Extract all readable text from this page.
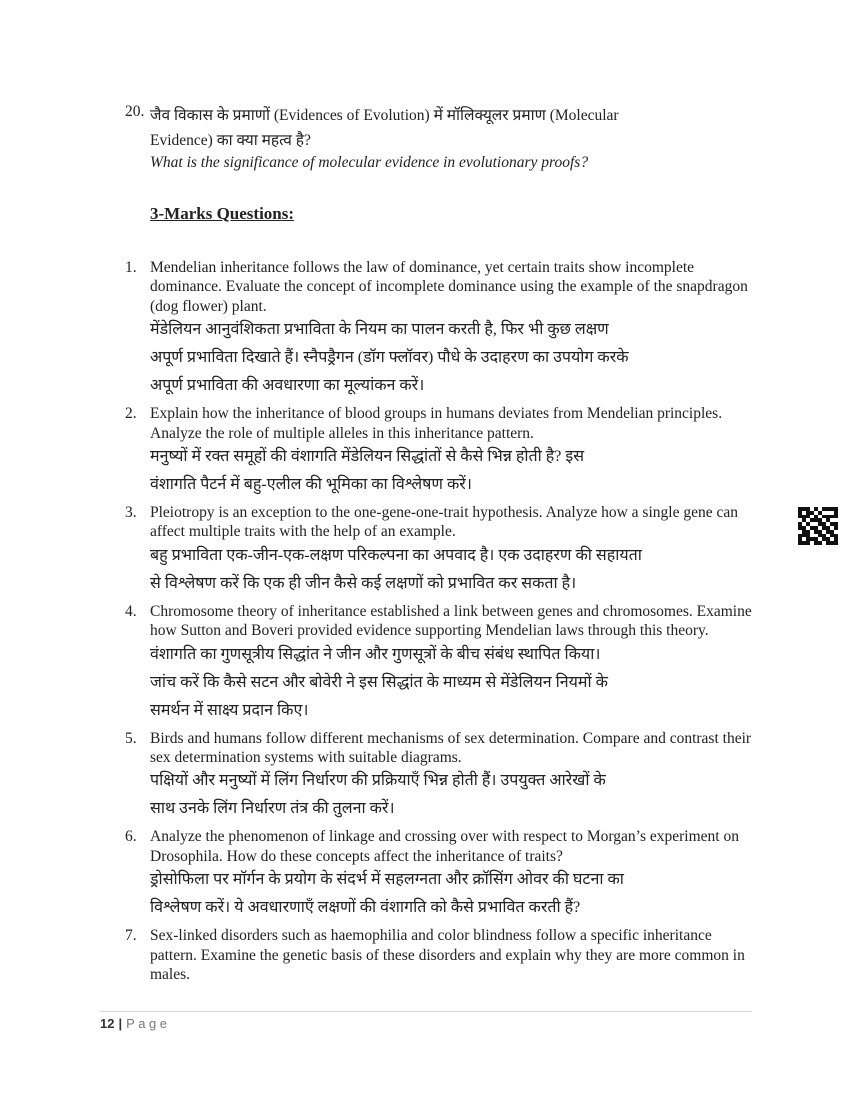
20. जैव विकास के प्रमाणों (Evidences of Evolution) में मॉलिक्यूलर प्रमाण (Molecular
Evidence) का क्या महत्व है?
What is the significance of molecular evidence in evolutionary proofs?
3-Marks Questions:
1. Mendelian inheritance follows the law of dominance, yet certain traits show incomplete dominance. Evaluate the concept of incomplete dominance using the example of the snapdragon (dog flower) plant.
मेंडेलियन आनुवंशिकता प्रभाविता के नियम का पालन करती है, फिर भी कुछ लक्षण
अपूर्ण प्रभाविता दिखाते हैं। स्नैपड्रैगन (डॉग फ्लॉवर) पौधे के उदाहरण का उपयोग करके
अपूर्ण प्रभाविता की अवधारणा का मूल्यांकन करें।
2. Explain how the inheritance of blood groups in humans deviates from Mendelian principles. Analyze the role of multiple alleles in this inheritance pattern.
मनुष्यों में रक्त समूहों की वंशागति मेंडेलियन सिद्धांतों से कैसे भिन्न होती है? इस
वंशागति पैटर्न में बहु-एलील की भूमिका का विश्लेषण करें।
3. Pleiotropy is an exception to the one-gene-one-trait hypothesis. Analyze how a single gene can affect multiple traits with the help of an example.
बहु प्रभाविता एक-जीन-एक-लक्षण परिकल्पना का अपवाद है। एक उदाहरण की सहायता
से विश्लेषण करें कि एक ही जीन कैसे कई लक्षणों को प्रभावित कर सकता है।
4. Chromosome theory of inheritance established a link between genes and chromosomes. Examine how Sutton and Boveri provided evidence supporting Mendelian laws through this theory.
वंशागति का गुणसूत्रीय सिद्धांत ने जीन और गुणसूत्रों के बीच संबंध स्थापित किया।
जांच करें कि कैसे सटन और बोवेरी ने इस सिद्धांत के माध्यम से मेंडेलियन नियमों के
समर्थन में साक्ष्य प्रदान किए।
5. Birds and humans follow different mechanisms of sex determination. Compare and contrast their sex determination systems with suitable diagrams.
पक्षियों और मनुष्यों में लिंग निर्धारण की प्रक्रियाएँ भिन्न होती हैं। उपयुक्त आरेखों के
साथ उनके लिंग निर्धारण तंत्र की तुलना करें।
6. Analyze the phenomenon of linkage and crossing over with respect to Morgan’s experiment on Drosophila. How do these concepts affect the inheritance of traits?
ड्रोसोफिला पर मॉर्गन के प्रयोग के संदर्भ में सहलग्नता और क्रॉसिंग ओवर की घटना का
विश्लेषण करें। ये अवधारणाएँ लक्षणों की वंशागति को कैसे प्रभावित करती हैं?
7. Sex-linked disorders such as haemophilia and color blindness follow a specific inheritance pattern. Examine the genetic basis of these disorders and explain why they are more common in males.
12 | Page
